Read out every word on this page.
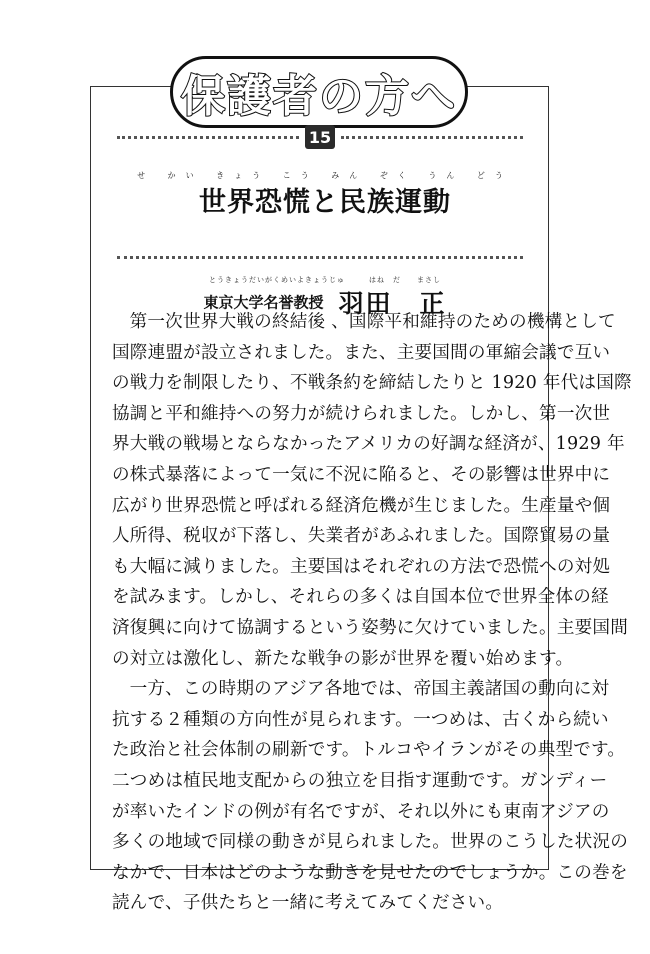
保護者の方へ
15
せ かい きょう こう みん ぞく うん どう
世界恐慌と民族運動
とうきょうだいがくめいよきょうじゅ　　　はね　だ　　まさし
東京大学名誉教授 羽田　正

第一次世界大戦の終結後 、国際平和維持のための機構として
国際連盟が設立されました。また、主要国間の軍縮会議で互い
の戦力を制限したり、不戦条約を締結したりと 1920 年代は国際
協調と平和維持への努力が続けられました。しかし、第一次世
界大戦の戦場とならなかったアメリカの好調な経済が、1929 年
の株式暴落によって一気に不況に陥ると、その影響は世界中に
広がり世界恐慌と呼ばれる経済危機が生じました。生産量や個
人所得、税収が下落し、失業者があふれました。国際貿易の量
も大幅に減りました。主要国はそれぞれの方法で恐慌への対処
を試みます。しかし、それらの多くは自国本位で世界全体の経
済復興に向けて協調するという姿勢に欠けていました。主要国間
の対立は激化し、新たな戦争の影が世界を覆い始めます。

一方、この時期のアジア各地では、帝国主義諸国の動向に対
抗する２種類の方向性が見られます。一つめは、古くから続い
た政治と社会体制の刷新です。トルコやイランがその典型です。
二つめは植民地支配からの独立を目指す運動です。ガンディー
が率いたインドの例が有名ですが、それ以外にも東南アジアの
多くの地域で同様の動きが見られました。世界のこうした状況の
なかで、日本はどのような動きを見せたのでしょうか。この巻を
読んで、子供たちと一緒に考えてみてください。
